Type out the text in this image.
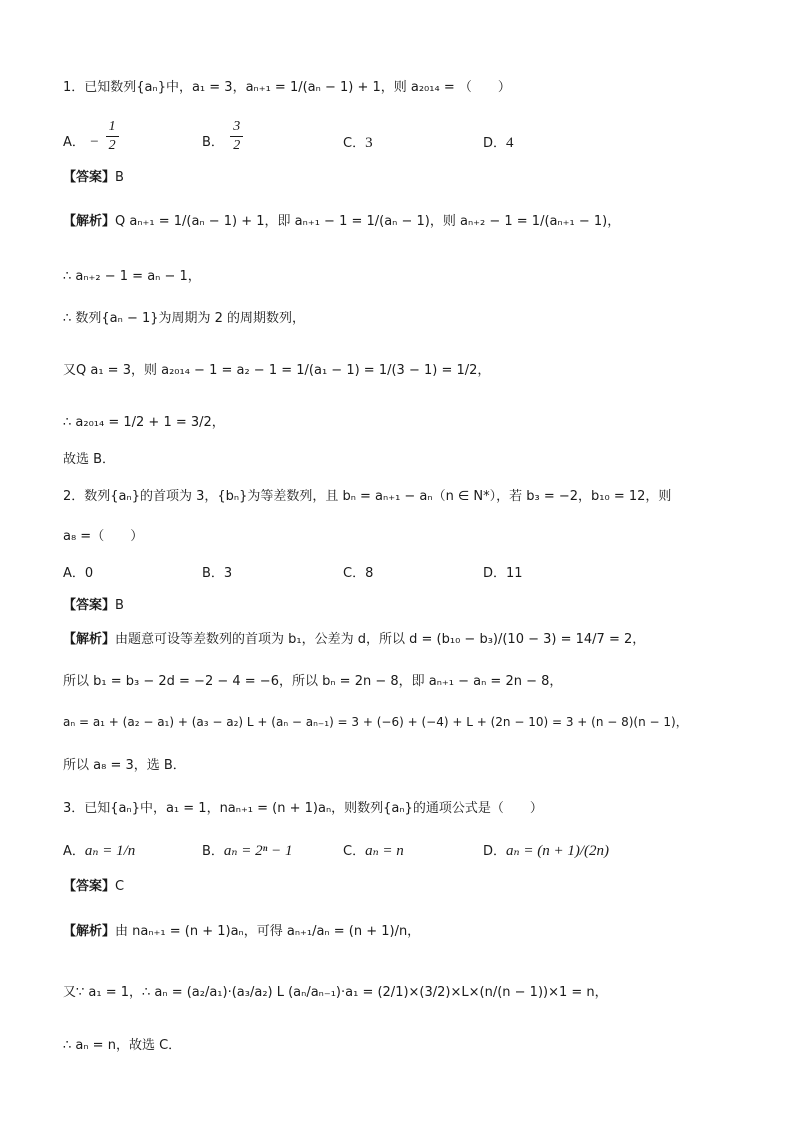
1．已知数列{aₙ}中，a₁ = 3，aₙ₊₁ = 1/(aₙ − 1) + 1，则 a₂₀₁₄ = （　　）
A． − $\frac{1}{2}$	B． $\frac{3}{2}$	C．3	D．4
【答案】B
【解析】Q aₙ₊₁ = 1/(aₙ − 1) + 1，即 aₙ₊₁ − 1 = 1/(aₙ − 1)，则 aₙ₊₂ − 1 = 1/(aₙ₊₁ − 1)，
∴ aₙ₊₂ − 1 = aₙ − 1，
∴ 数列{aₙ − 1}为周期为 2 的周期数列，
又Q a₁ = 3，则 a₂₀₁₄ − 1 = a₂ − 1 = 1/(a₁ − 1) = 1/(3 − 1) = 1/2，
∴ a₂₀₁₄ = 1/2 + 1 = 3/2，
故选 B．
2．数列{aₙ}的首项为 3，{bₙ}为等差数列，且 bₙ = aₙ₊₁ − aₙ（n ∈ N*），若 b₃ = −2，b₁₀ = 12，则
a₈ =（　　）
A．0	B．3	C．8	D．11
【答案】B
【解析】由题意可设等差数列的首项为 b₁，公差为 d，所以 d = (b₁₀ − b₃)/(10 − 3) = 14/7 = 2，
所以 b₁ = b₃ − 2d = −2 − 4 = −6，所以 bₙ = 2n − 8，即 aₙ₊₁ − aₙ = 2n − 8，
aₙ = a₁ + (a₂ − a₁) + (a₃ − a₂) L + (aₙ − aₙ₋₁) = 3 + (−6) + (−4) + L + (2n − 10) = 3 + (n − 8)(n − 1)，
所以 a₈ = 3，选 B．
3．已知{aₙ}中，a₁ = 1，naₙ₊₁ = (n + 1)aₙ，则数列{aₙ}的通项公式是（　　）
A．aₙ = 1/n	B．aₙ = 2ⁿ − 1	C．aₙ = n	D．aₙ = (n + 1)/(2n)
【答案】C
【解析】由 naₙ₊₁ = (n + 1)aₙ，可得 aₙ₊₁/aₙ = (n + 1)/n，
又∵ a₁ = 1，∴ aₙ = (a₂/a₁)·(a₃/a₂) L (aₙ/aₙ₋₁)·a₁ = (2/1)×(3/2)×L×(n/(n − 1))×1 = n，
∴ aₙ = n，故选 C．
